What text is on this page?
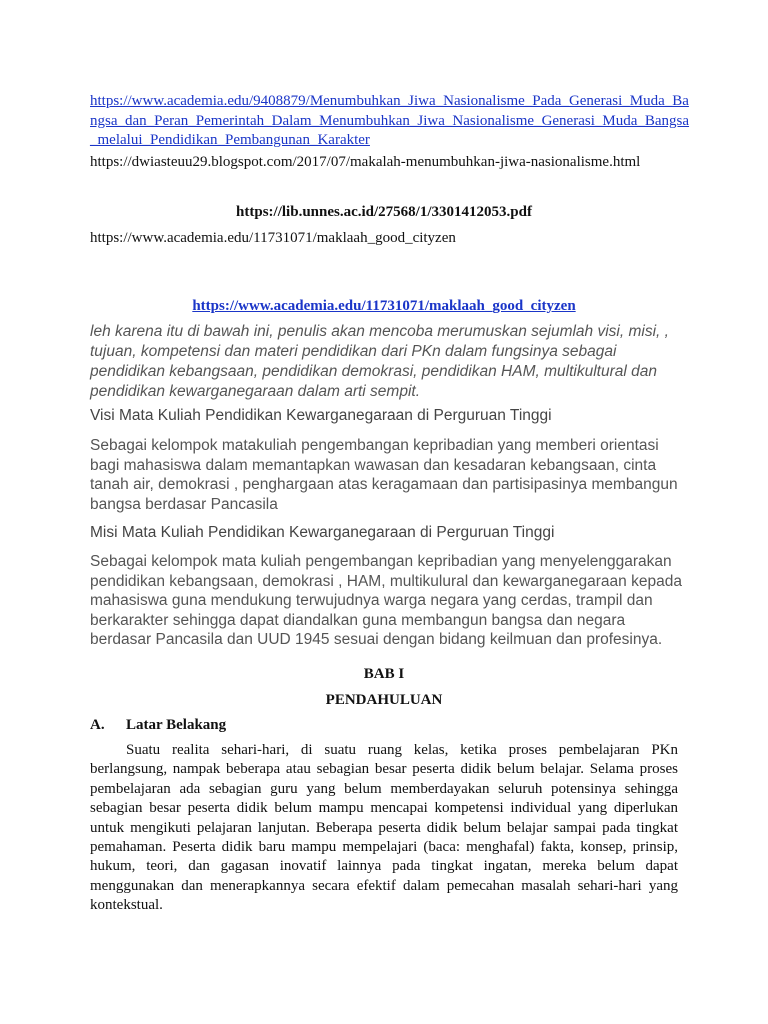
https://www.academia.edu/9408879/Menumbuhkan_Jiwa_Nasionalisme_Pada_Generasi_Muda_Bangsa_dan_Peran_Pemerintah_Dalam_Menumbuhkan_Jiwa_Nasionalisme_Generasi_Muda_Bangsa_melalui_Pendidikan_Pembangunan_Karakter

https://dwiasteuu29.blogspot.com/2017/07/makalah-menumbuhkan-jiwa-nasionalisme.html

https://lib.unnes.ac.id/27568/1/3301412053.pdf

https://www.academia.edu/11731071/maklaah_good_cityzen

https://www.academia.edu/11731071/maklaah_good_cityzen

leh karena itu di bawah ini, penulis akan mencoba merumuskan sejumlah visi, misi, , tujuan, kompetensi dan materi pendidikan dari PKn dalam fungsinya sebagai pendidikan kebangsaan, pendidikan demokrasi, pendidikan HAM, multikultural dan pendidikan kewarganegaraan dalam arti sempit.

Visi Mata Kuliah Pendidikan Kewarganegaraan di Perguruan Tinggi

Sebagai kelompok matakuliah pengembangan kepribadian yang memberi orientasi bagi mahasiswa dalam memantapkan wawasan dan kesadaran kebangsaan, cinta tanah air, demokrasi , penghargaan atas keragamaan dan partisipasinya membangun bangsa berdasar Pancasila

Misi Mata Kuliah Pendidikan Kewarganegaraan di Perguruan Tinggi

Sebagai kelompok mata kuliah pengembangan kepribadian yang menyelenggarakan pendidikan kebangsaan, demokrasi , HAM, multikulural dan kewarganegaraan kepada mahasiswa guna mendukung terwujudnya warga negara yang cerdas, trampil dan berkarakter sehingga dapat diandalkan guna membangun bangsa dan negara berdasar Pancasila dan UUD 1945 sesuai dengan bidang keilmuan dan profesinya.

BAB I

PENDAHULUAN

A. Latar Belakang

Suatu realita sehari-hari, di suatu ruang kelas, ketika proses pembelajaran PKn berlangsung, nampak beberapa atau sebagian besar peserta didik belum belajar. Selama proses pembelajaran ada sebagian guru yang belum memberdayakan seluruh potensinya sehingga sebagian besar peserta didik belum mampu mencapai kompetensi individual yang diperlukan untuk mengikuti pelajaran lanjutan. Beberapa peserta didik belum belajar sampai pada tingkat pemahaman. Peserta didik baru mampu mempelajari (baca: menghafal) fakta, konsep, prinsip, hukum, teori, dan gagasan inovatif lainnya pada tingkat ingatan, mereka belum dapat menggunakan dan menerapkannya secara efektif dalam pemecahan masalah sehari-hari yang kontekstual.
